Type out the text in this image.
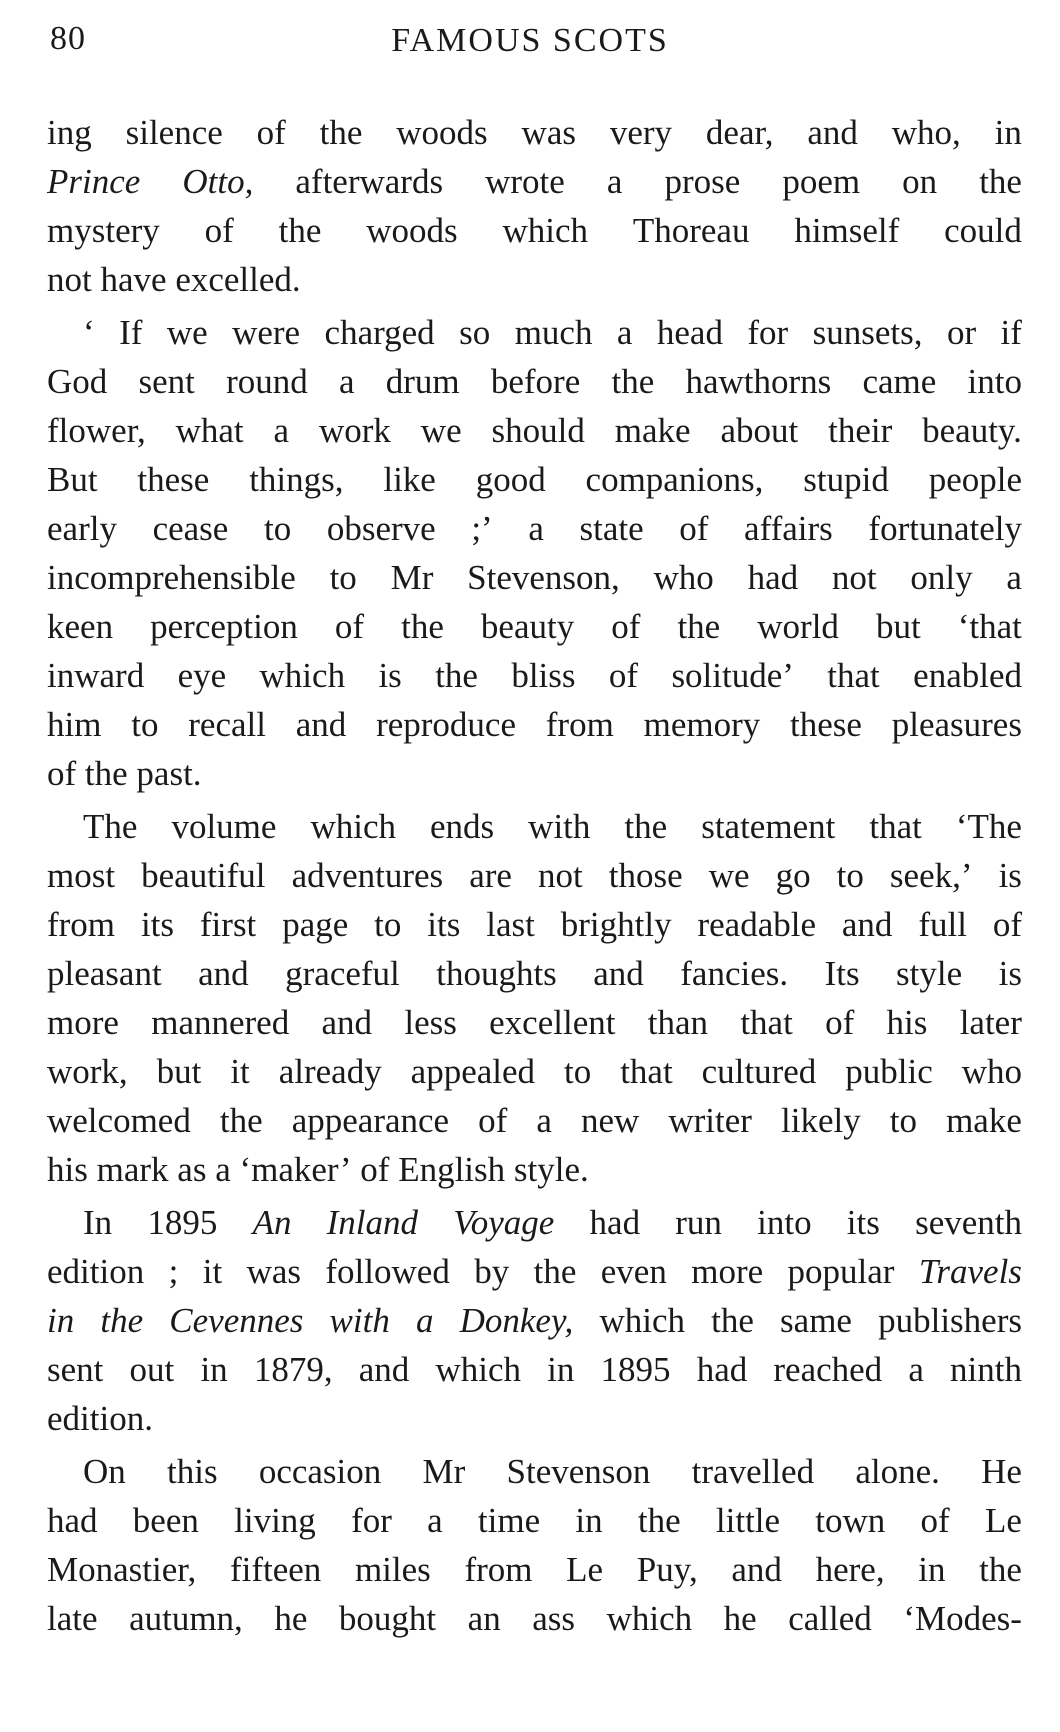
80	FAMOUS SCOTS
ing silence of the woods was very dear, and who, in
Prince Otto, afterwards wrote a prose poem on the
mystery of the woods which Thoreau himself could
not
have
excelled.
‘ If we were charged so much a head for sunsets, or if
God sent round a drum before the hawthorns came into
flower, what a work we should make about their beauty.
But these things, like good companions, stupid people
early cease to observe ;’ a state of affairs fortunately
incomprehensible to Mr Stevenson, who had not only a
keen perception of the beauty of the world but ‘that
inward eye which is the bliss of solitude’ that enabled
him to recall and reproduce from memory these pleasures
of
the
past.
The volume which ends with the statement that ‘The
most beautiful adventures are not those we go to seek,’ is
from its first page to its last brightly readable and full of
pleasant and graceful thoughts and fancies. Its style is
more mannered and less excellent than that of his later
work, but it already appealed to that cultured public who
welcomed the appearance of a new writer likely to make
his
mark
as
a
‘maker’
of
English
style.
In 1895 An Inland Voyage had run into its seventh
edition ; it was followed by the even more popular Travels
in the Cevennes with a Donkey, which the same publishers
sent out in 1879, and which in 1895 had reached a ninth
edition.
On this occasion Mr Stevenson travelled alone. He
had been living for a time in the little town of Le
Monastier, fifteen miles from Le Puy, and here, in the
late autumn, he bought an ass which he called ‘Modes-
